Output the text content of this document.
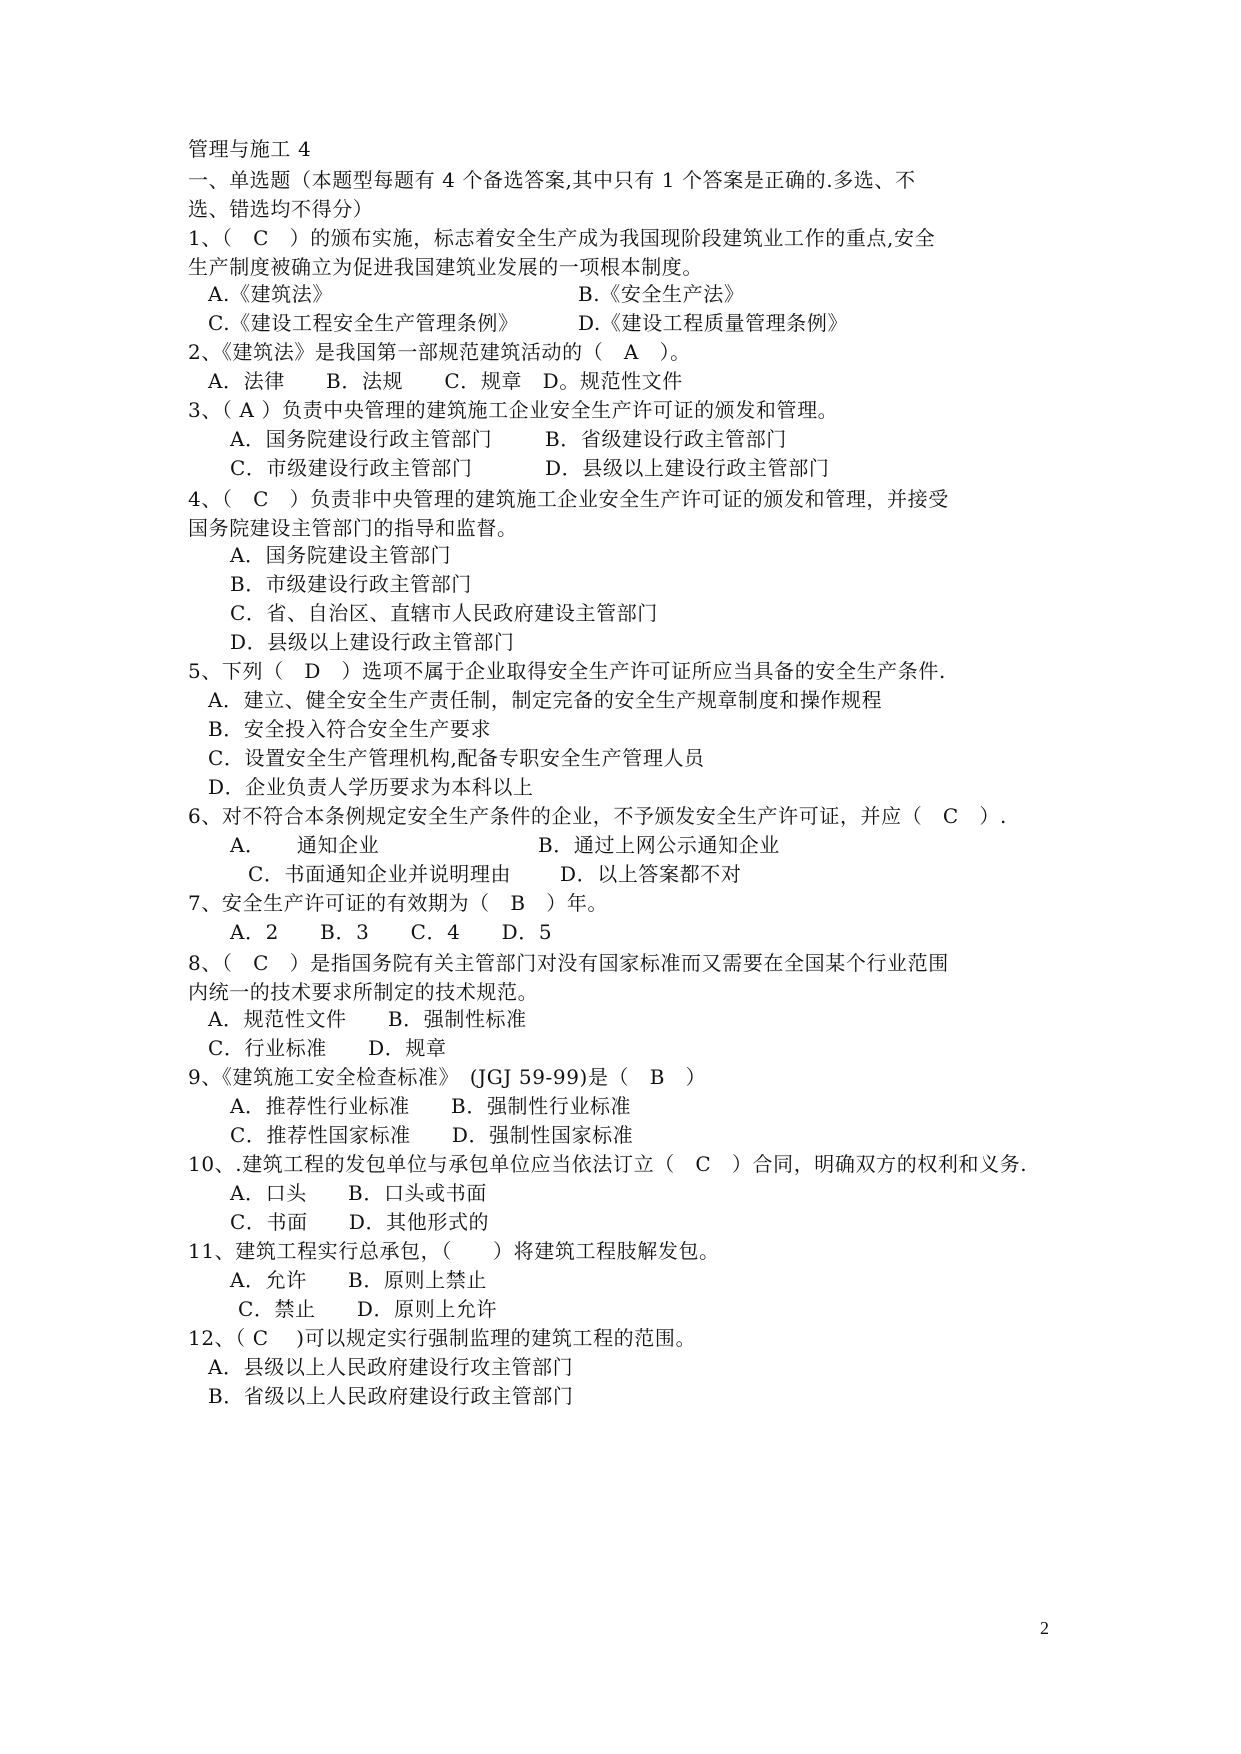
管理与施工 4
一、单选题（本题型每题有 4 个备选答案,其中只有 1 个答案是正确的.多选、不选、错选均不得分）
1、（　C　）的颁布实施，标志着安全生产成为我国现阶段建筑业工作的重点,安全生产制度被确立为促进我国建筑业发展的一项根本制度。
A.《建筑法》	B.《安全生产法》
C.《建设工程安全生产管理条例》	D.《建设工程质量管理条例》
2、《建筑法》是我国第一部规范建筑活动的（　A　）。
A．法律　　B．法规　　C．规章　D。规范性文件
3、（ A ）负责中央管理的建筑施工企业安全生产许可证的颁发和管理。
A．国务院建设行政主管部门	B．省级建设行政主管部门
C．市级建设行政主管部门	D．县级以上建设行政主管部门
4、（　C　）负责非中央管理的建筑施工企业安全生产许可证的颁发和管理，并接受国务院建设主管部门的指导和监督。
A．国务院建设主管部门
B．市级建设行政主管部门
C．省、自治区、直辖市人民政府建设主管部门
D．县级以上建设行政主管部门
5、下列（　D　）选项不属于企业取得安全生产许可证所应当具备的安全生产条件.
A．建立、健全安全生产责任制，制定完备的安全生产规章制度和操作规程
B．安全投入符合安全生产要求
C．设置安全生产管理机构,配备专职安全生产管理人员
D．企业负责人学历要求为本科以上
6、对不符合本条例规定安全生产条件的企业，不予颁发安全生产许可证，并应（　C　）.
A．　　通知企业	B．通过上网公示通知企业
C．书面通知企业并说明理由 D．以上答案都不对
7、安全生产许可证的有效期为（　B　）年。
A．2　　B．3　　C．4　　D．5
8、（　C　）是指国务院有关主管部门对没有国家标准而又需要在全国某个行业范围内统一的技术要求所制定的技术规范。
A．规范性文件　　B．强制性标准
C．行业标准　　D．规章
9、《建筑施工安全检查标准》　(JGJ 59-99)是（　B　）
A．推荐性行业标准　　B．强制性行业标准
C．推荐性国家标准　　D．强制性国家标准
10、.建筑工程的发包单位与承包单位应当依法订立（　C　）合同，明确双方的权利和义务.
A．口头　　B．口头或书面
C．书面　　D．其他形式的
11、建筑工程实行总承包，（　　）将建筑工程肢解发包。
A．允许　　B．原则上禁止
C．禁止　　D．原则上允许
12、（ C 　)可以规定实行强制监理的建筑工程的范围。
A．县级以上人民政府建设行攻主管部门
B．省级以上人民政府建设行政主管部门
2
